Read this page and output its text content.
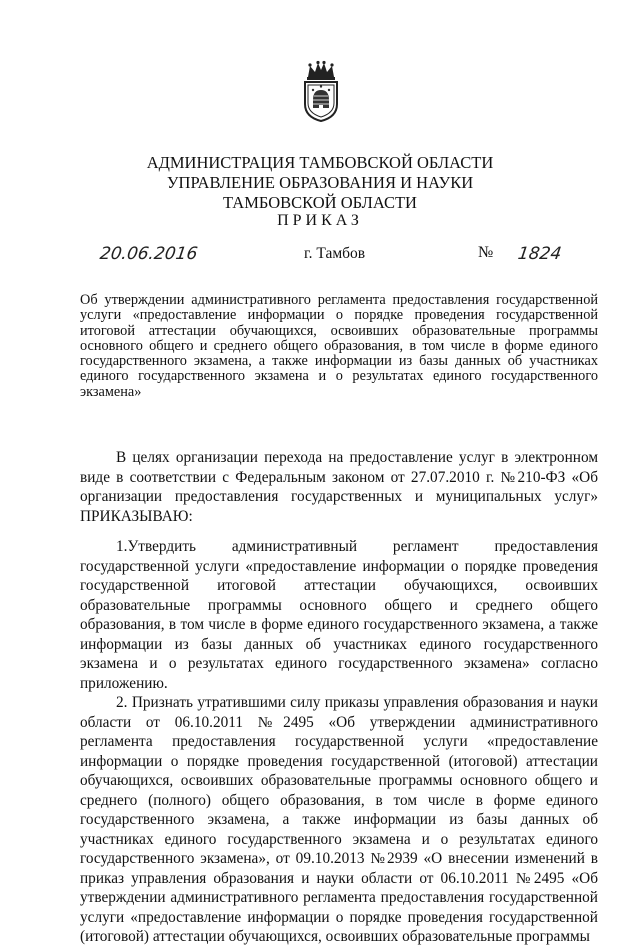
АДМИНИСТРАЦИЯ ТАМБОВСКОЙ ОБЛАСТИ
УПРАВЛЕНИЕ ОБРАЗОВАНИЯ И НАУКИ
ТАМБОВСКОЙ ОБЛАСТИ
ПРИКАЗ
20.06.2016	г. Тамбов	№ 1824
Об утверждении административного регламента предоставления государственной услуги «предоставление информации о порядке проведения государственной итоговой аттестации обучающихся, освоивших образовательные программы основного общего и среднего общего образования, в том числе в форме единого государственного экзамена, а также информации из базы данных об участниках единого государственного экзамена и о результатах единого государственного экзамена»

В целях организации перехода на предоставление услуг в электронном виде в соответствии с Федеральным законом от 27.07.2010 г. №210-ФЗ «Об организации предоставления государственных и муниципальных услуг» ПРИКАЗЫВАЮ:

1.Утвердить административный регламент предоставления государственной услуги «предоставление информации о порядке проведения государственной итоговой аттестации обучающихся, освоивших образовательные программы основного общего и среднего общего образования, в том числе в форме единого государственного экзамена, а также информации из базы данных об участниках единого государственного экзамена и о результатах единого государственного экзамена» согласно приложению.

2. Признать утратившими силу приказы управления образования и науки области от 06.10.2011 №2495 «Об утверждении административного регламента предоставления государственной услуги «предоставление информации о порядке проведения государственной (итоговой) аттестации обучающихся, освоивших образовательные программы основного общего и среднего (полного) общего образования, в том числе в форме единого государственного экзамена, а также информации из базы данных об участниках единого государственного экзамена и о результатах единого государственного экзамена», от 09.10.2013 №2939 «О внесении изменений в приказ управления образования и науки области от 06.10.2011 №2495 «Об утверждении административного регламента предоставления государственной услуги «предоставление информации о порядке проведения государственной (итоговой) аттестации обучающихся, освоивших образовательные программы
